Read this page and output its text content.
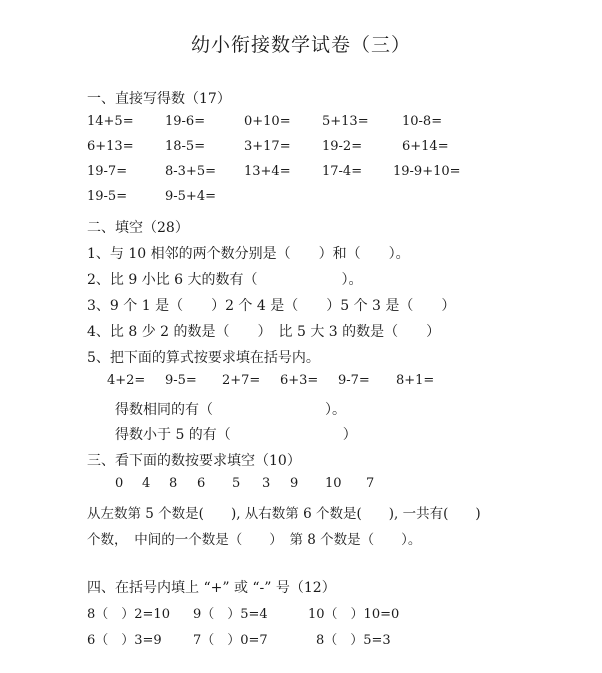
幼小衔接数学试卷（三）
一、直接写得数（17）
14+5= 19-6=	0+10= 5+13=	10-8=
6+13= 18-5=	3+17= 19-2=	6+14=
19-7=	8-3+5= 13+4= 17-4= 19-9+10=
19-5=	9-5+4=
二、填空（28）
1、与 10 相邻的两个数分别是（　　）和（　　）。
2、比 9 小比 6 大的数有（　　　　　　）。
3、9 个 1 是（　　）2 个 4 是（　　）5 个 3 是（　　）
4、比 8 少 2 的数是（　　）　比 5 大 3 的数是（　　）
5、把下面的算式按要求填在括号内。
4+2= 9-5= 2+7= 6+3= 9-7= 8+1=
得数相同的有（　　　　　　　　）。
得数小于 5 的有（　　　　　　　　）
三、看下面的数按要求填空（10）
0 4 8 6 5 3 9 10 7
从左数第 5 个数是(　　), 从右数第 6 个数是(　　), 一共有(　　)
个数，　中间的一个数是（　　）　第 8 个数是（　　）。
四、在括号内填上 “+” 或 “-” 号（12）
8（　）2=10 9（　）5=4	10（　）10=0
6（　）3=9 7（　）0=7	8（　）5=3
